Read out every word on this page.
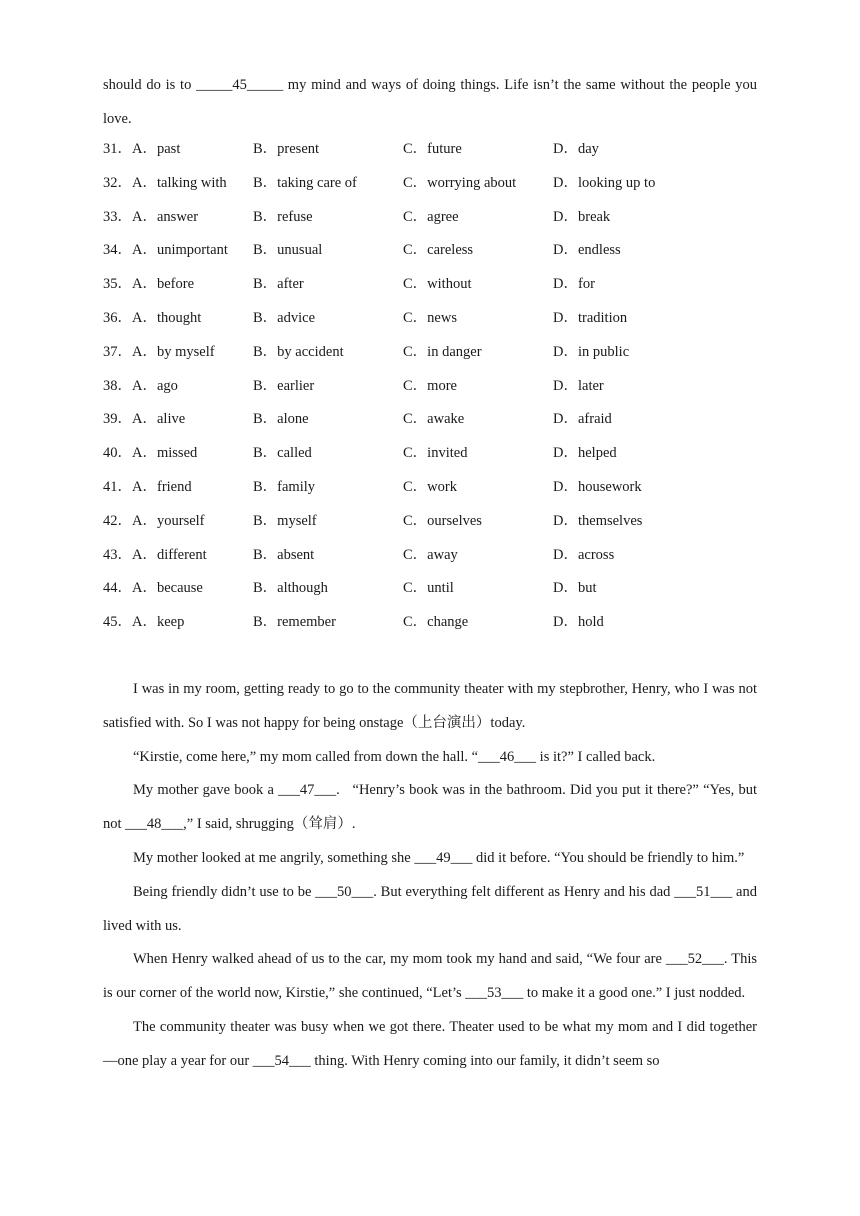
should do is to _____45_____ my mind and ways of doing things. Life isn’t the same without the people you love.

31．A．past	B．present	C．future	D．day
32．A．talking with	B．taking care of	C．worrying about	D．looking up to
33．A．answer	B．refuse	C．agree	D．break
34．A．unimportant	B．unusual	C．careless	D．endless
35．A．before	B．after	C．without	D．for
36．A．thought	B．advice	C．news	D．tradition
37．A．by myself	B．by accident	C．in danger	D．in public
38．A．ago	B．earlier	C．more	D．later
39．A．alive	B．alone	C．awake	D．afraid
40．A．missed	B．called	C．invited	D．helped
41．A．friend	B．family	C．work	D．housework
42．A．yourself	B．myself	C．ourselves	D．themselves
43．A．different	B．absent	C．away	D．across
44．A．because	B．although	C．until	D．but
45．A．keep	B．remember	C．change	D．hold

I was in my room, getting ready to go to the community theater with my stepbrother, Henry, who I was not satisfied with. So I was not happy for being onstage（上台演出）today.

“Kirstie, come here,” my mom called from down the hall. “___46___ is it?” I called back.

My mother gave book a ___47___.   “Henry’s book was in the bathroom. Did you put it there?” “Yes, but not ___48___,” I said, shrugging（耸肩）.

My mother looked at me angrily, something she ___49___ did it before. “You should be friendly to him.”

Being friendly didn’t use to be ___50___. But everything felt different as Henry and his dad ___51___ and lived with us.

When Henry walked ahead of us to the car, my mom took my hand and said, “We four are ___52___. This is our corner of the world now, Kirstie,” she continued, “Let’s ___53___ to make it a good one.” I just nodded.

The community theater was busy when we got there. Theater used to be what my mom and I did together—one play a year for our ___54___ thing. With Henry coming into our family, it didn’t seem so
